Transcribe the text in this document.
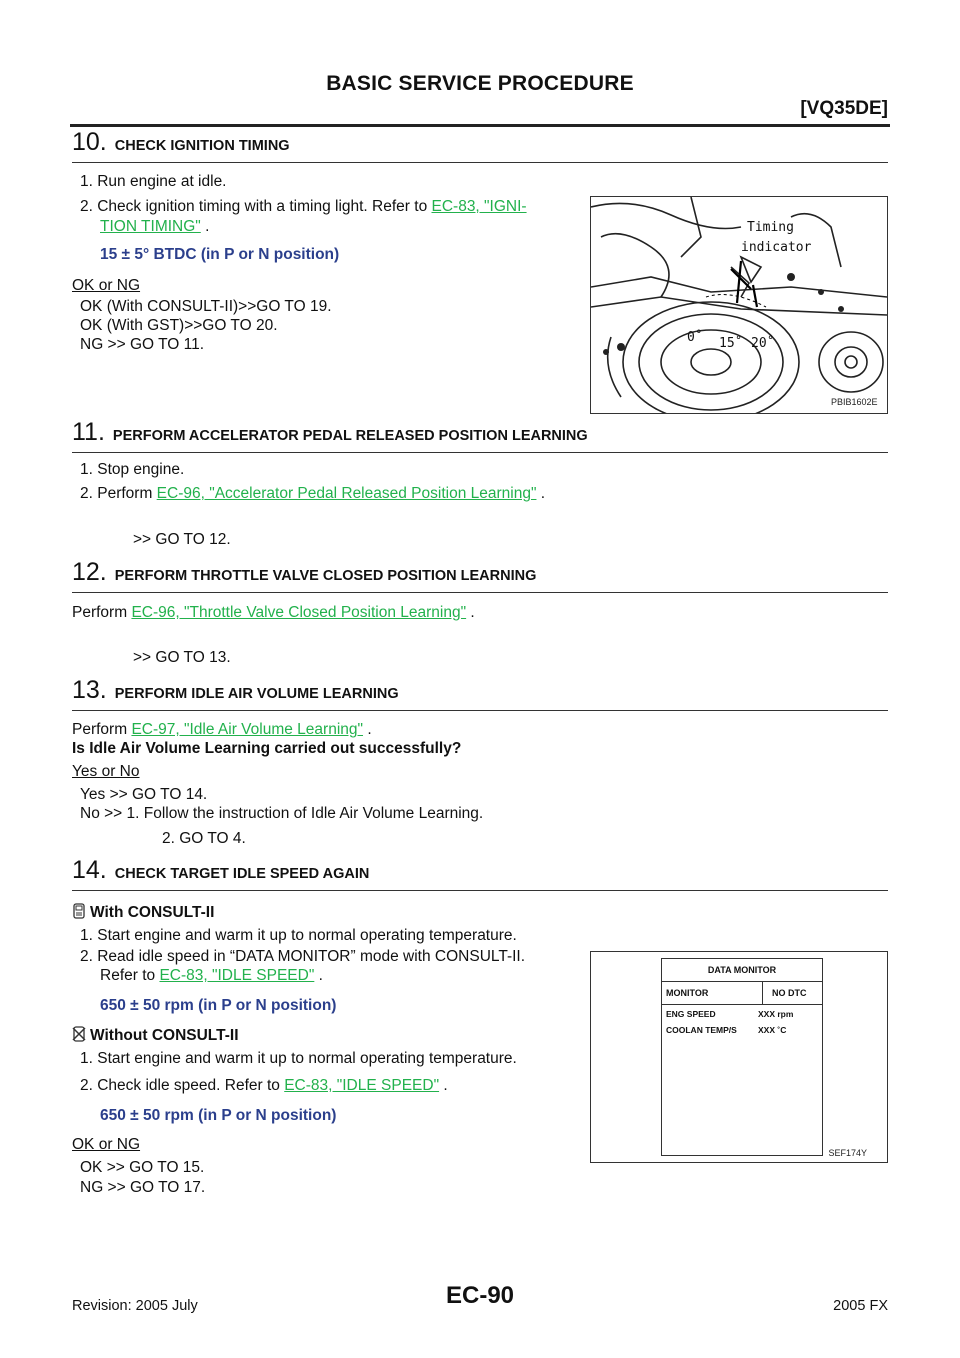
BASIC SERVICE PROCEDURE
[VQ35DE]
10. CHECK IGNITION TIMING
1. Run engine at idle.
2. Check ignition timing with a timing light. Refer to EC-83, "IGNI-
TION TIMING" .
15 ± 5° BTDC (in P or N position)
OK or NG
OK (With CONSULT-II)>>GO TO 19.
OK (With GST)>>GO TO 20.
NG >> GO TO 11.
Timing
indicator
0˚ 15˚ 20˚
PBIB1602E
11. PERFORM ACCELERATOR PEDAL RELEASED POSITION LEARNING
1. Stop engine.
2. Perform EC-96, "Accelerator Pedal Released Position Learning" .
>> GO TO 12.
12. PERFORM THROTTLE VALVE CLOSED POSITION LEARNING
Perform EC-96, "Throttle Valve Closed Position Learning" .
>> GO TO 13.
13. PERFORM IDLE AIR VOLUME LEARNING
Perform EC-97, "Idle Air Volume Learning" .
Is Idle Air Volume Learning carried out successfully?
Yes or No
Yes >> GO TO 14.
No >> 1. Follow the instruction of Idle Air Volume Learning.
2. GO TO 4.
14. CHECK TARGET IDLE SPEED AGAIN
With CONSULT-II
1. Start engine and warm it up to normal operating temperature.
2. Read idle speed in “DATA MONITOR” mode with CONSULT-II.
Refer to EC-83, "IDLE SPEED" .
650 ± 50 rpm (in P or N position)
Without CONSULT-II
1. Start engine and warm it up to normal operating temperature.
2. Check idle speed. Refer to EC-83, "IDLE SPEED" .
650 ± 50 rpm (in P or N position)
OK or NG
OK >> GO TO 15.
NG >> GO TO 17.
DATA MONITOR
MONITOR	NO DTC
ENG SPEED	XXX rpm
COOLAN TEMP/S XXX ˚C
SEF174Y
Revision: 2005 July	EC-90	2005 FX
